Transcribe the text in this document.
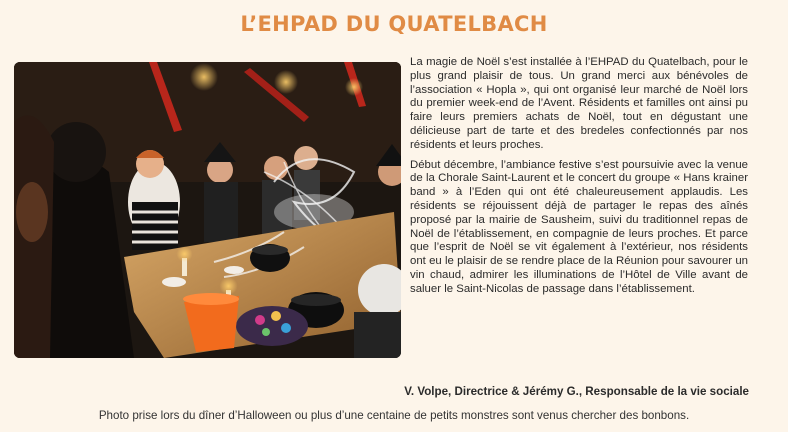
L’EHPAD DU QUATELBACH

La magie de Noël s’est installée à l’EHPAD du Quatelbach, pour le plus grand plaisir de tous. Un grand merci aux bénévoles de l’association « Hopla », qui ont organisé leur marché de Noël lors du premier week-end de l’Avent. Résidents et familles ont ainsi pu faire leurs premiers achats de Noël, tout en dégustant une délicieuse part de tarte et des bredeles confectionnés par nos résidents et leurs proches.

Début décembre, l’ambiance festive s’est poursuivie avec la venue de la Chorale Saint-Laurent et le concert du groupe « Hans krainer band » à l’Eden qui ont été chaleureusement applaudis. Les résidents se réjouissent déjà de partager le repas des aînés proposé par la mairie de Sausheim, suivi du traditionnel repas de Noël de l’établissement, en compagnie de leurs proches. Et parce que l’esprit de Noël se vit également à l’extérieur, nos résidents ont eu le plaisir de se rendre place de la Réunion pour savourer un vin chaud, admirer les illuminations de l’Hôtel de Ville avant de saluer le Saint-Nicolas de passage dans l’établissement.

V. Volpe, Directrice & Jérémy G., Responsable de la vie sociale
Photo prise lors du dîner d’Halloween ou plus d’une centaine de petits monstres sont venus chercher des bonbons.
